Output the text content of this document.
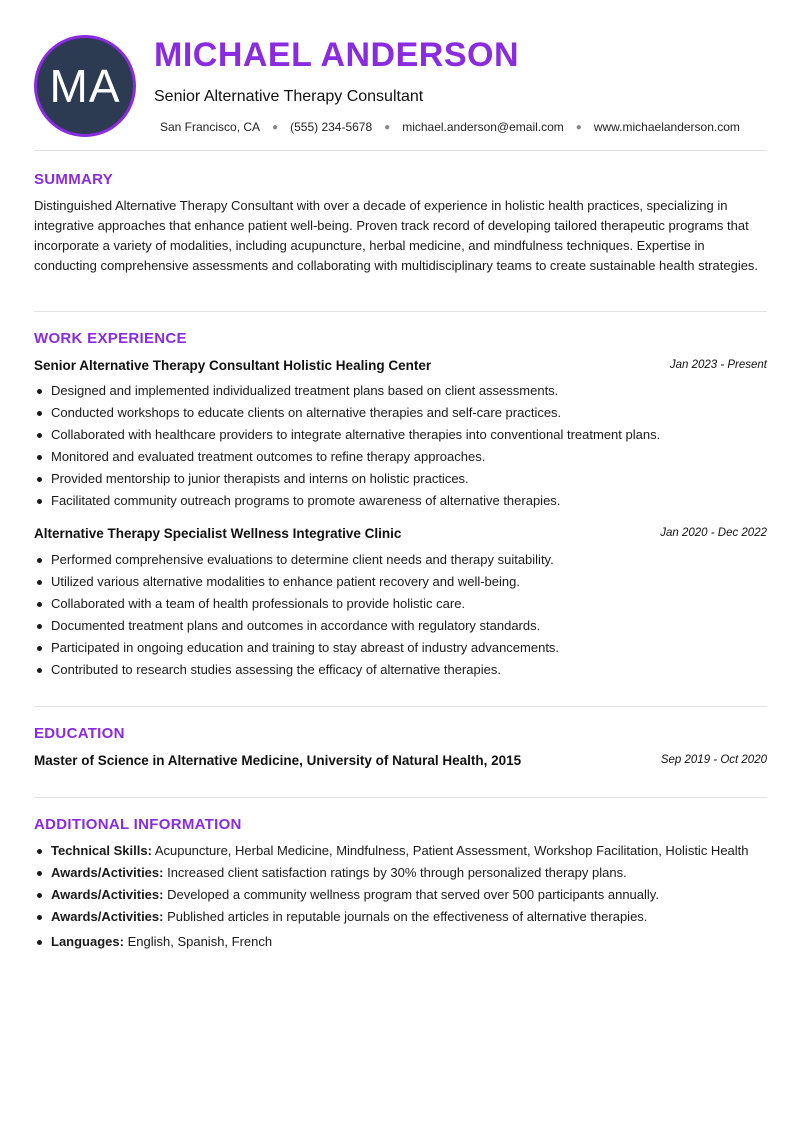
MA
MICHAEL ANDERSON
Senior Alternative Therapy Consultant
San Francisco, CA ● (555) 234-5678 ● michael.anderson@email.com ● www.michaelanderson.com
SUMMARY

Distinguished Alternative Therapy Consultant with over a decade of experience in holistic health practices, specializing in integrative approaches that enhance patient well-being. Proven track record of developing tailored therapeutic programs that incorporate a variety of modalities, including acupuncture, herbal medicine, and mindfulness techniques. Expertise in conducting comprehensive assessments and collaborating with multidisciplinary teams to create sustainable health strategies.

WORK EXPERIENCE
Senior Alternative Therapy Consultant Holistic Healing Center	Jan 2023 - Present
Designed and implemented individualized treatment plans based on client assessments.
Conducted workshops to educate clients on alternative therapies and self-care practices.
Collaborated with healthcare providers to integrate alternative therapies into conventional treatment plans.
Monitored and evaluated treatment outcomes to refine therapy approaches.
Provided mentorship to junior therapists and interns on holistic practices.
Facilitated community outreach programs to promote awareness of alternative therapies.
Alternative Therapy Specialist Wellness Integrative Clinic	Jan 2020 - Dec 2022
Performed comprehensive evaluations to determine client needs and therapy suitability.
Utilized various alternative modalities to enhance patient recovery and well-being.
Collaborated with a team of health professionals to provide holistic care.
Documented treatment plans and outcomes in accordance with regulatory standards.
Participated in ongoing education and training to stay abreast of industry advancements.
Contributed to research studies assessing the efficacy of alternative therapies.
EDUCATION
Master of Science in Alternative Medicine, University of Natural Health, 2015	Sep 2019 - Oct 2020
ADDITIONAL INFORMATION
Technical Skills: Acupuncture, Herbal Medicine, Mindfulness, Patient Assessment, Workshop Facilitation, Holistic Health
Awards/Activities: Increased client satisfaction ratings by 30% through personalized therapy plans.
Awards/Activities: Developed a community wellness program that served over 500 participants annually.
Awards/Activities: Published articles in reputable journals on the effectiveness of alternative therapies.
Languages: English, Spanish, French
